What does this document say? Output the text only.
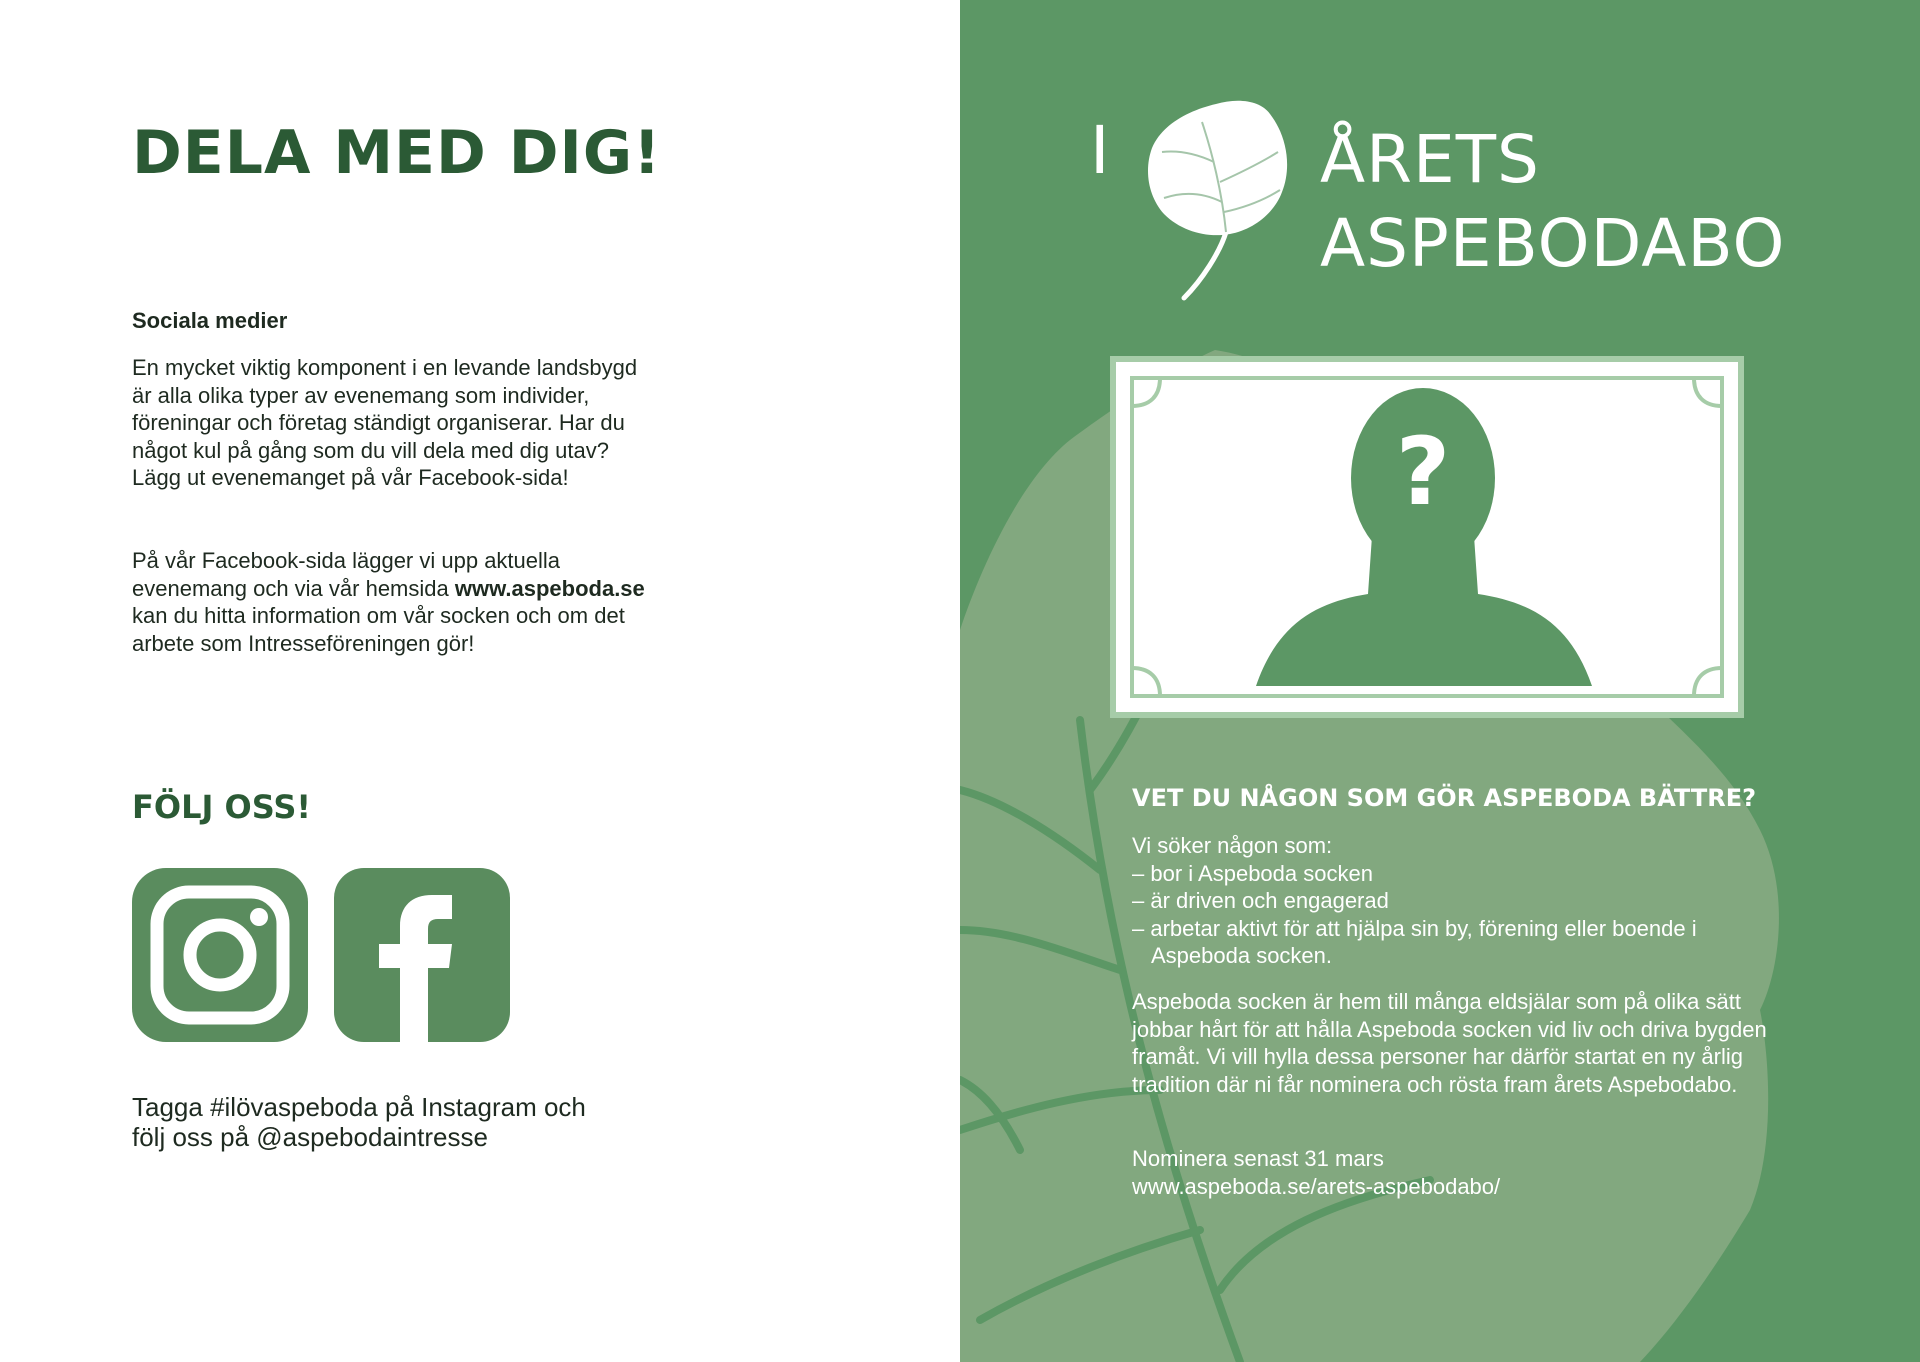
DELA MED DIG!
Sociala medier

En mycket viktig komponent i en levande landsbygd är alla olika typer av evenemang som individer, föreningar och företag ständigt organiserar. Har du något kul på gång som du vill dela med dig utav? Lägg ut evenemanget på vår Facebook-sida!

På vår Facebook-sida lägger vi upp aktuella evenemang och via vår hemsida www.aspeboda.se kan du hitta information om vår socken och om det arbete som Intresseföreningen gör!

FÖLJ OSS!

Tagga #ilövaspeboda på Instagram och
följ oss på @aspebodaintresse

I	ÅRETS
ASPEBODABO
?
VET DU NÅGON SOM GÖR ASPEBODA BÄTTRE?
Vi söker någon som:
– bor i Aspeboda socken
– är driven och engagerad
– arbetar aktivt för att hjälpa sin by, förening eller boende i Aspeboda socken.

Aspeboda socken är hem till många eldsjälar som på olika sätt jobbar hårt för att hålla Aspeboda socken vid liv och driva bygden framåt. Vi vill hylla dessa personer har därför startat en ny årlig tradition där ni får nominera och rösta fram årets Aspebodabo.

Nominera senast 31 mars
www.aspeboda.se/arets-aspebodabo/
